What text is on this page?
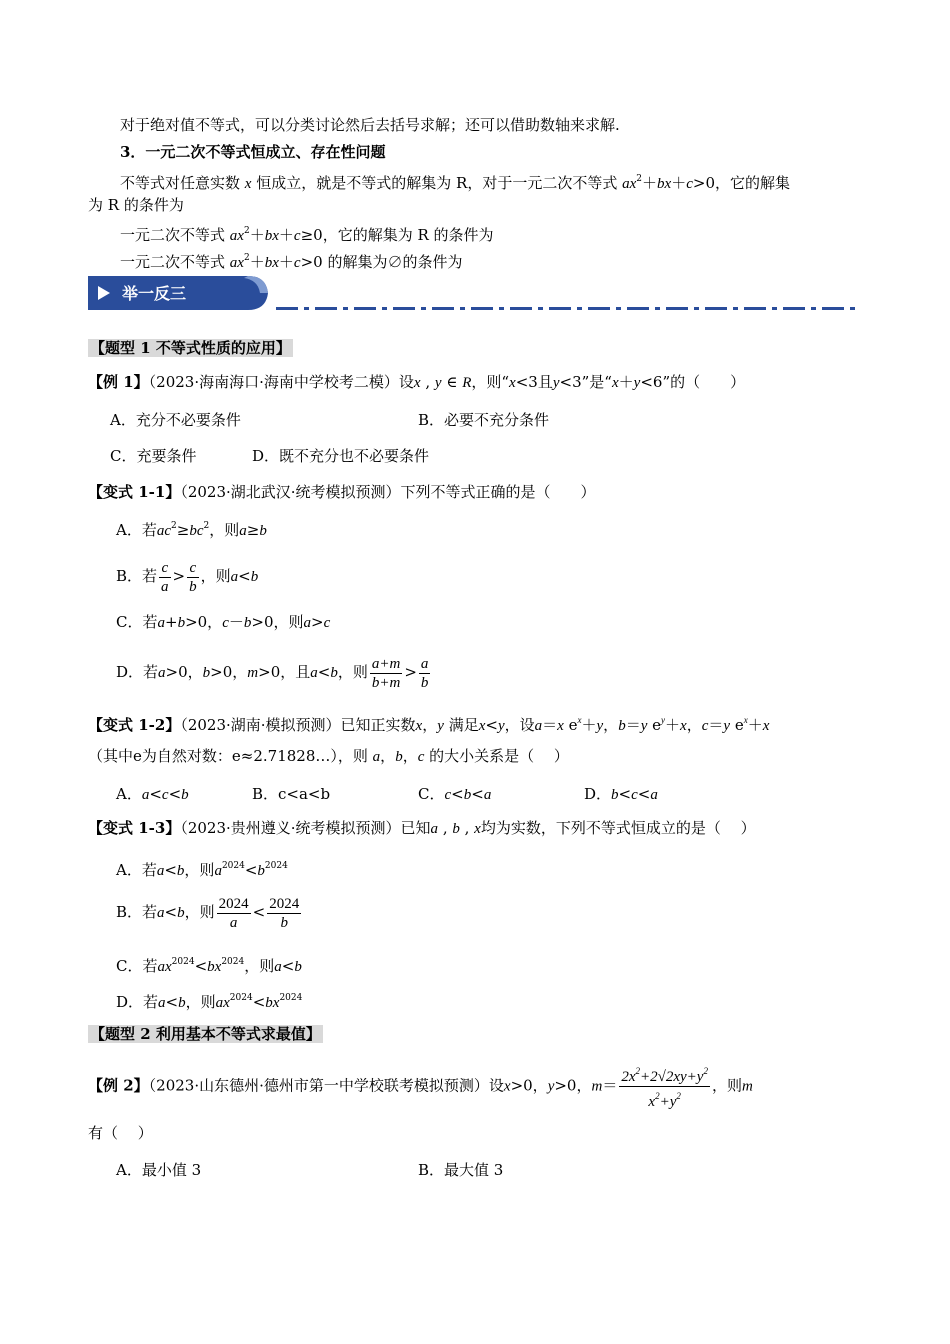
对于绝对值不等式，可以分类讨论然后去括号求解；还可以借助数轴来求解.
3．一元二次不等式恒成立、存在性问题
不等式对任意实数 x 恒成立，就是不等式的解集为 R，对于一元二次不等式 $ax^2+bx+c>0$，它的解集
为 R 的条件为
一元二次不等式 $ax^2+bx+c\ge 0$，它的解集为 R 的条件为
一元二次不等式 $ax^2+bx+c>0$ 的解集为∅的条件为
举一反三
【题型 1 不等式性质的应用】
【例 1】（2023·海南海口·海南中学校考二模）设x , y ∈ R，则“x<3且y<3”是“x＋y<6”的（　　）
A．充分不必要条件	B．必要不充分条件
C．充要条件	D．既不充分也不必要条件
【变式 1-1】（2023·湖北武汉·统考模拟预测）下列不等式正确的是（　　）
A．若$ac^2\ge bc^2$，则a≥b
B．若 $\frac{c}{a} > \frac{c}{b}$ ，则a<b
C．若a+b>0，c－b>0，则a>c
D．若a>0，b>0，m>0，且a<b，则 $\frac{a+m}{b+m} > \frac{a}{b}$
【变式 1-2】（2023·湖南·模拟预测）已知正实数x，y 满足x<y，设a＝x $e^x+y$，b＝y $e^y+x$，c＝y $e^x+x$
（其中e为自然对数：e≈2.71828…），则 a，b，c 的大小关系是（　 ）
A．a<c<b	B．c<a<b	C．c<b<a	D．b<c<a
【变式 1-3】（2023·贵州遵义·统考模拟预测）已知a , b , x均为实数，下列不等式恒成立的是（　 ）
A．若a<b，则$a^{2024}<b^{2024}$
B．若a<b，则 $\frac{2024}{a} < \frac{2024}{b}$
C．若$ax^{2024}<bx^{2024}$，则a<b
D．若a<b，则$ax^{2024}<bx^{2024}$
【题型 2 利用基本不等式求最值】
【例 2】（2023·山东德州·德州市第一中学校联考模拟预测）设x>0，y>0，$m= \frac{2x^2+2√2xy+y^2}{x^2+y^2}$ ，则m
有（　 ）
A．最小值 3	B．最大值 3
